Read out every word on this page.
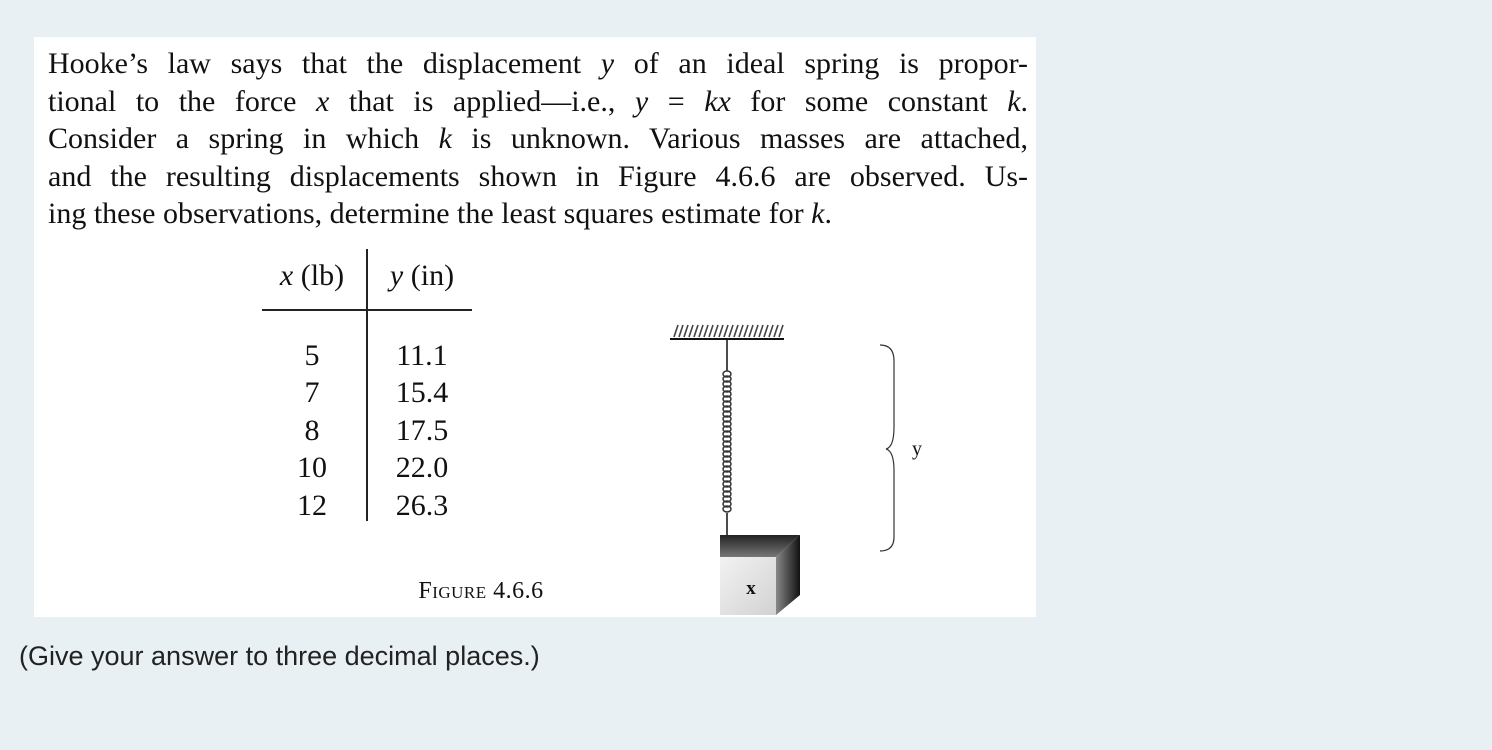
Hooke’s law says that the displacement y of an ideal spring is propor-
tional to the force x that is applied—i.e., y = kx for some constant k.
Consider a spring in which k is unknown. Various masses are attached,
and the resulting displacements shown in Figure 4.6.6 are observed. Us-
ing these observations, determine the least squares estimate for k.
x (lb)	y (in)
5	11.1
7	15.4
8	17.5
10	22.0
12	26.3
x
y
Figure 4.6.6
(Give your answer to three decimal places.)
